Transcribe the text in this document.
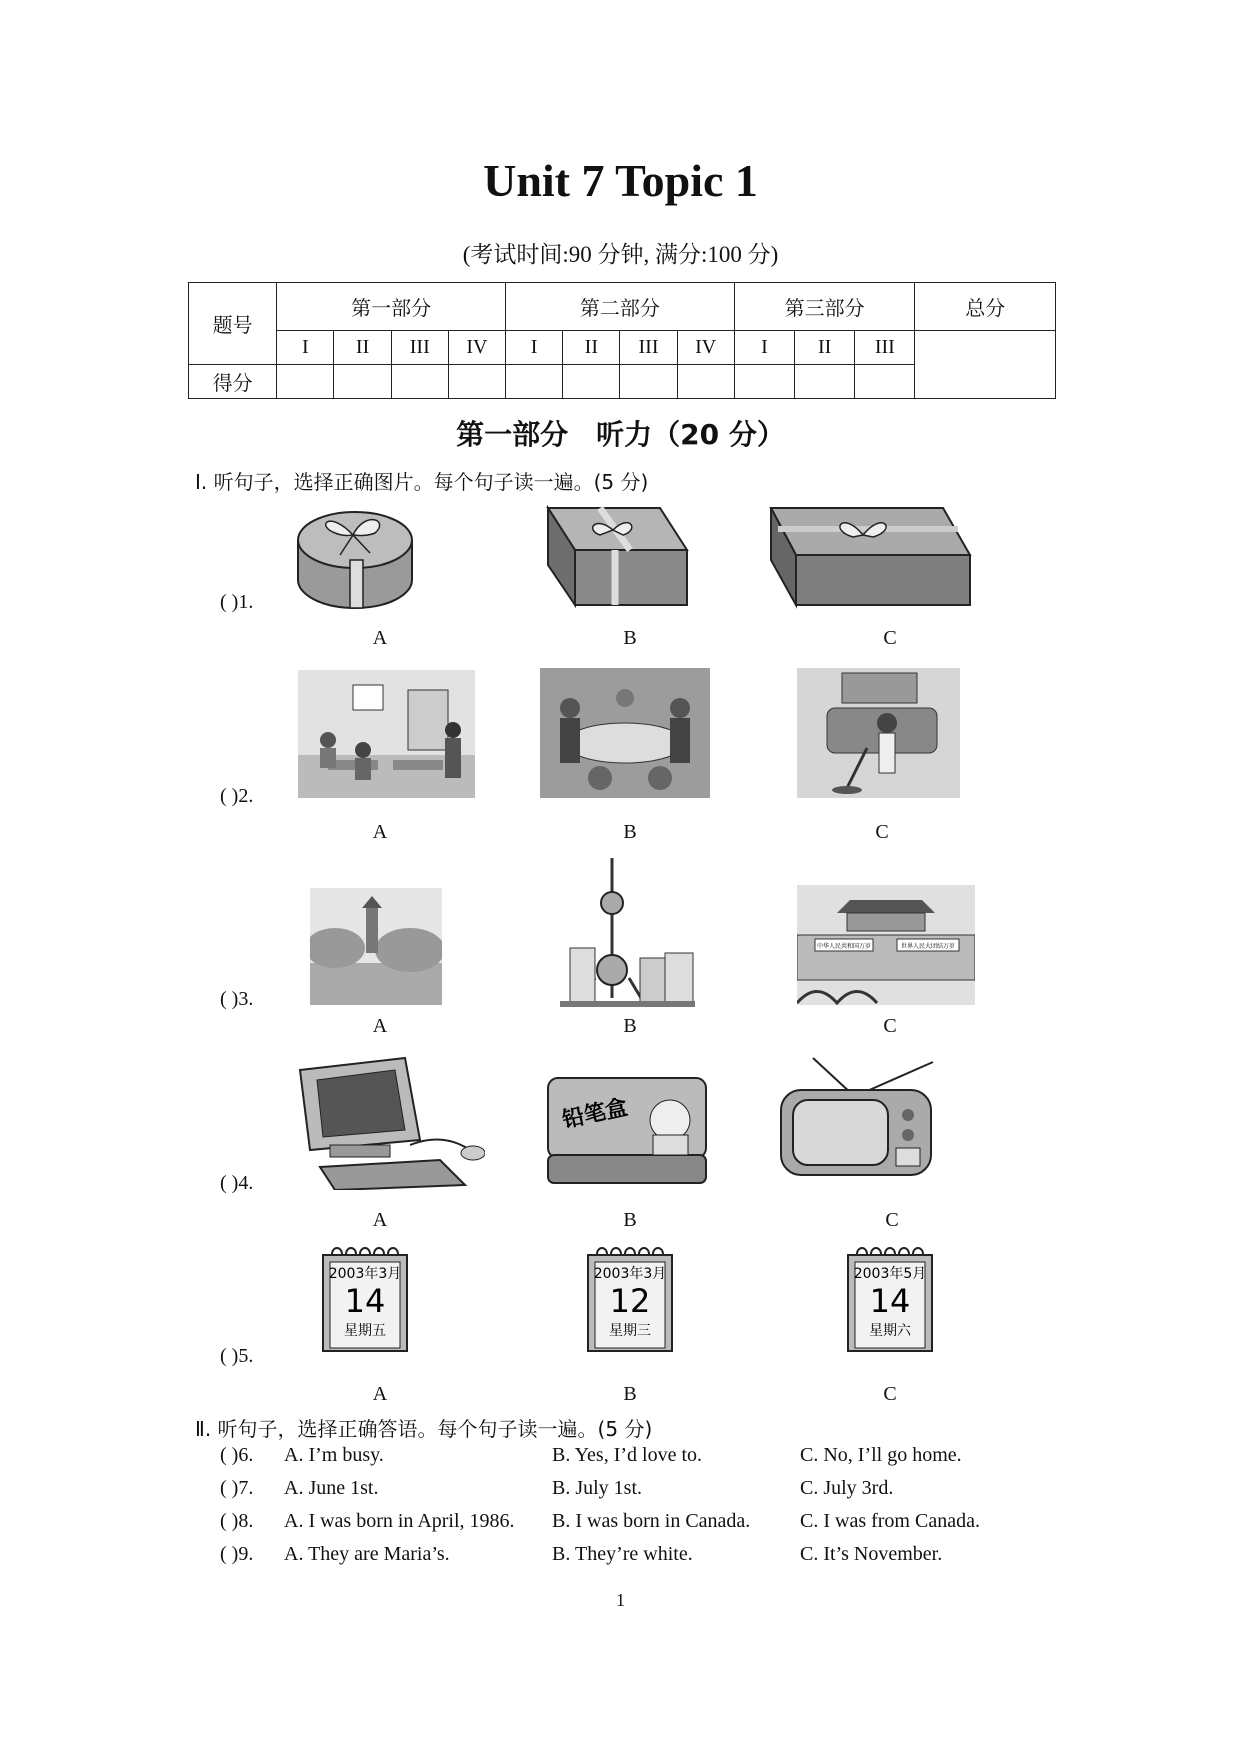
Unit 7 Topic 1
(考试时间:90 分钟, 满分:100 分)
题号	第一部分				第二部分				第三部分			总分
	I	II	III	IV	I	II	III	IV	I	II	III	
得分												
第一部分　听力（20 分）
Ⅰ. 听句子，选择正确图片。每个句子读一遍。(5 分)
( )1.
A	B	C
( )2.
A	B	C
( )3.
中华人民共和国万岁	世界人民大团结万岁
A	B	C
( )4.
铅笔盒
A	B	C
( )5.
2003年3月
14
星期五
2003年3月
12
星期三
2003年5月
14
星期六
A	B	C
Ⅱ. 听句子，选择正确答语。每个句子读一遍。(5 分)
( )6. A. I’m busy.	B. Yes, I’d love to.	C. No, I’ll go home.
( )7. A. June 1st.	B. July 1st.	C. July 3rd.
( )8. A. I was born in April, 1986. B. I was born in Canada. C. I was from Canada.
( )9. A. They are Maria’s.	B. They’re white.	C. It’s November.
1
